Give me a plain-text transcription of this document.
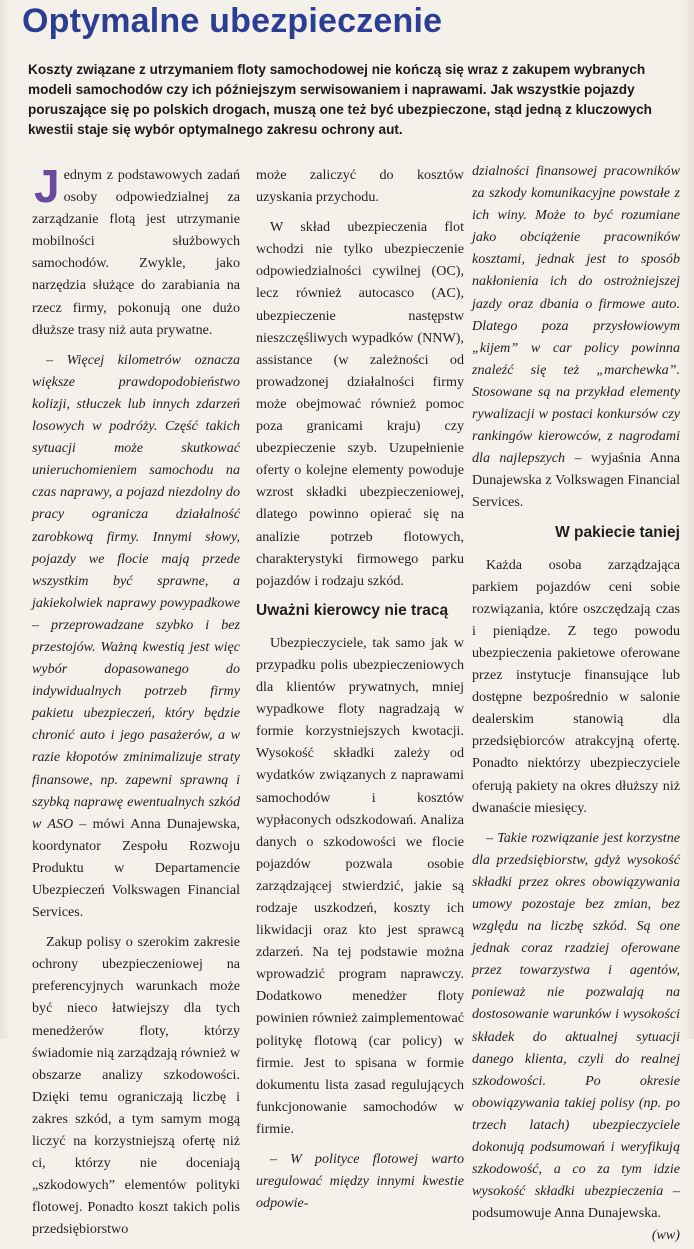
Optymalne ubezpieczenie

Koszty związane z utrzymaniem floty samochodowej nie kończą się wraz z zakupem wybranych modeli samochodów czy ich późniejszym serwisowaniem i naprawami. Jak wszystkie pojazdy poruszające się po polskich drogach, muszą one też być ubezpieczone, stąd jedną z kluczowych kwestii staje się wybór optymalnego zakresu ochrony aut.

Jednym z podstawowych zadań osoby odpowiedzialnej za zarządzanie flotą jest utrzymanie mobilności służbowych samochodów. Zwykle, jako narzędzia służące do zarabiania na rzecz firmy, pokonują one dużo dłuższe trasy niż auta prywatne.

– Więcej kilometrów oznacza większe prawdopodobieństwo kolizji, stłuczek lub innych zdarzeń losowych w podróży. Część takich sytuacji może skutkować unieruchomieniem samochodu na czas naprawy, a pojazd niezdolny do pracy ogranicza działalność zarobkową firmy. Innymi słowy, pojazdy we flocie mają przede wszystkim być sprawne, a jakiekolwiek naprawy powypadkowe – przeprowadzane szybko i bez przestojów. Ważną kwestią jest więc wybór dopasowanego do indywidualnych potrzeb firmy pakietu ubezpieczeń, który będzie chronić auto i jego pasażerów, a w razie kłopotów zminimalizuje straty finansowe, np. zapewni sprawną i szybką naprawę ewentualnych szkód w ASO – mówi Anna Dunajewska, koordynator Zespołu Rozwoju Produktu w Departamencie Ubezpieczeń Volkswagen Financial Services.

Zakup polisy o szerokim zakresie ochrony ubezpieczeniowej na preferencyjnych warunkach może być nieco łatwiejszy dla tych menedżerów floty, którzy świadomie nią zarządzają również w obszarze analizy szkodowości. Dzięki temu ograniczają liczbę i zakres szkód, a tym samym mogą liczyć na korzystniejszą ofertę niż ci, którzy nie doceniają „szkodowych” elementów polityki flotowej. Ponadto koszt takich polis przedsiębiorstwo

może zaliczyć do kosztów uzyskania przychodu.

W skład ubezpieczenia flot wchodzi nie tylko ubezpieczenie odpowiedzialności cywilnej (OC), lecz również autocasco (AC), ubezpieczenie następstw nieszczęśliwych wypadków (NNW), assistance (w zależności od prowadzonej działalności firmy może obejmować również pomoc poza granicami kraju) czy ubezpieczenie szyb. Uzupełnienie oferty o kolejne elementy powoduje wzrost składki ubezpieczeniowej, dlatego powinno opierać się na analizie potrzeb flotowych, charakterystyki firmowego parku pojazdów i rodzaju szkód.

Uważni kierowcy nie tracą

Ubezpieczyciele, tak samo jak w przypadku polis ubezpieczeniowych dla klientów prywatnych, mniej wypadkowe floty nagradzają w formie korzystniejszych kwotacji. Wysokość składki zależy od wydatków związanych z naprawami samochodów i kosztów wypłaconych odszkodowań. Analiza danych o szkodowości we flocie pojazdów pozwala osobie zarządzającej stwierdzić, jakie są rodzaje uszkodzeń, koszty ich likwidacji oraz kto jest sprawcą zdarzeń. Na tej podstawie można wprowadzić program naprawczy. Dodatkowo menedżer floty powinien również zaimplementować politykę flotową (car policy) w firmie. Jest to spisana w formie dokumentu lista zasad regulujących funkcjonowanie samochodów w firmie.

– W polityce flotowej warto uregulować między innymi kwestie odpowie-

dzialności finansowej pracowników za szkody komunikacyjne powstałe z ich winy. Może to być rozumiane jako obciążenie pracowników kosztami, jednak jest to sposób nakłonienia ich do ostrożniejszej jazdy oraz dbania o firmowe auto. Dlatego poza przysłowiowym „kijem” w car policy powinna znaleźć się też „marchewka”. Stosowane są na przykład elementy rywalizacji w postaci konkursów czy rankingów kierowców, z nagrodami dla najlepszych – wyjaśnia Anna Dunajewska z Volkswagen Financial Services.

W pakiecie taniej

Każda osoba zarządzająca parkiem pojazdów ceni sobie rozwiązania, które oszczędzają czas i pieniądze. Z tego powodu ubezpieczenia pakietowe oferowane przez instytucje finansujące lub dostępne bezpośrednio w salonie dealerskim stanowią dla przedsiębiorców atrakcyjną ofertę. Ponadto niektórzy ubezpieczyciele oferują pakiety na okres dłuższy niż dwanaście miesięcy.

– Takie rozwiązanie jest korzystne dla przedsiębiorstw, gdyż wysokość składki przez okres obowiązywania umowy pozostaje bez zmian, bez względu na liczbę szkód. Są one jednak coraz rzadziej oferowane przez towarzystwa i agentów, ponieważ nie pozwalają na dostosowanie warunków i wysokości składek do aktualnej sytuacji danego klienta, czyli do realnej szkodowości. Po okresie obowiązywania takiej polisy (np. po trzech latach) ubezpieczyciele dokonują podsumowań i weryfikują szkodowość, a co za tym idzie wysokość składki ubezpieczenia – podsumowuje Anna Dunajewska.
(ww)
